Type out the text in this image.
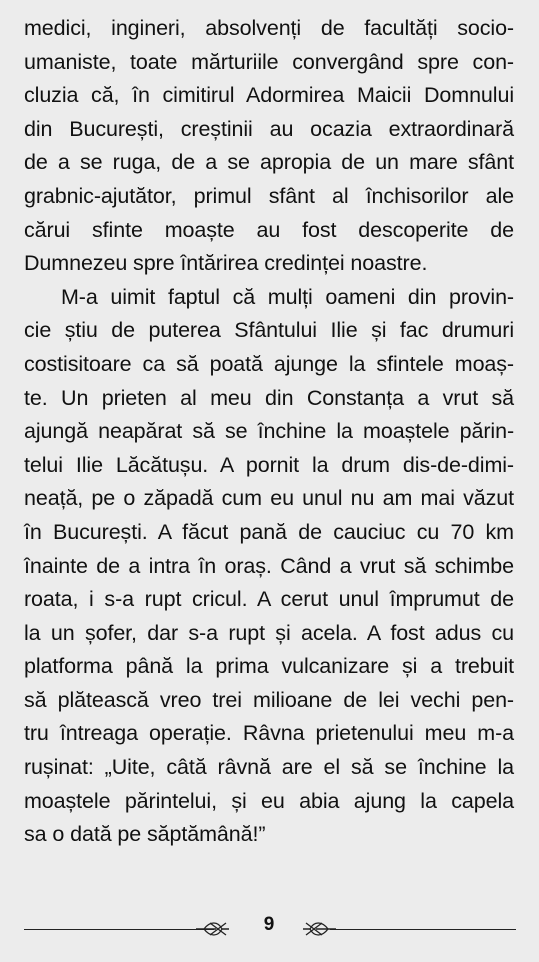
medici, ingineri, absolvenți de facultăți socio-
umaniste, toate mărturiile convergând spre con-
cluzia că, în cimitirul Adormirea Maicii Domnului
din București, creștinii au ocazia extraordinară
de a se ruga, de a se apropia de un mare sfânt
grabnic-ajutător, primul sfânt al închisorilor ale
cărui sfinte moaște au fost descoperite de
Dumnezeu spre întărirea credinței noastre.
M-a uimit faptul că mulți oameni din provin-
cie știu de puterea Sfântului Ilie și fac drumuri
costisitoare ca să poată ajunge la sfintele moaș-
te. Un prieten al meu din Constanța a vrut să
ajungă neapărat să se închine la moaștele părin-
telui Ilie Lăcătușu. A pornit la drum dis-de-dimi-
neață, pe o zăpadă cum eu unul nu am mai văzut
în București. A făcut pană de cauciuc cu 70 km
înainte de a intra în oraș. Când a vrut să schimbe
roata, i s-a rupt cricul. A cerut unul împrumut de
la un șofer, dar s-a rupt și acela. A fost adus cu
platforma până la prima vulcanizare și a trebuit
să plătească vreo trei milioane de lei vechi pen-
tru întreaga operație. Râvna prietenului meu m-a
rușinat: „Uite, câtă râvnă are el să se închine la
moaștele părintelui, și eu abia ajung la capela
sa o dată pe săptămână!”
9
